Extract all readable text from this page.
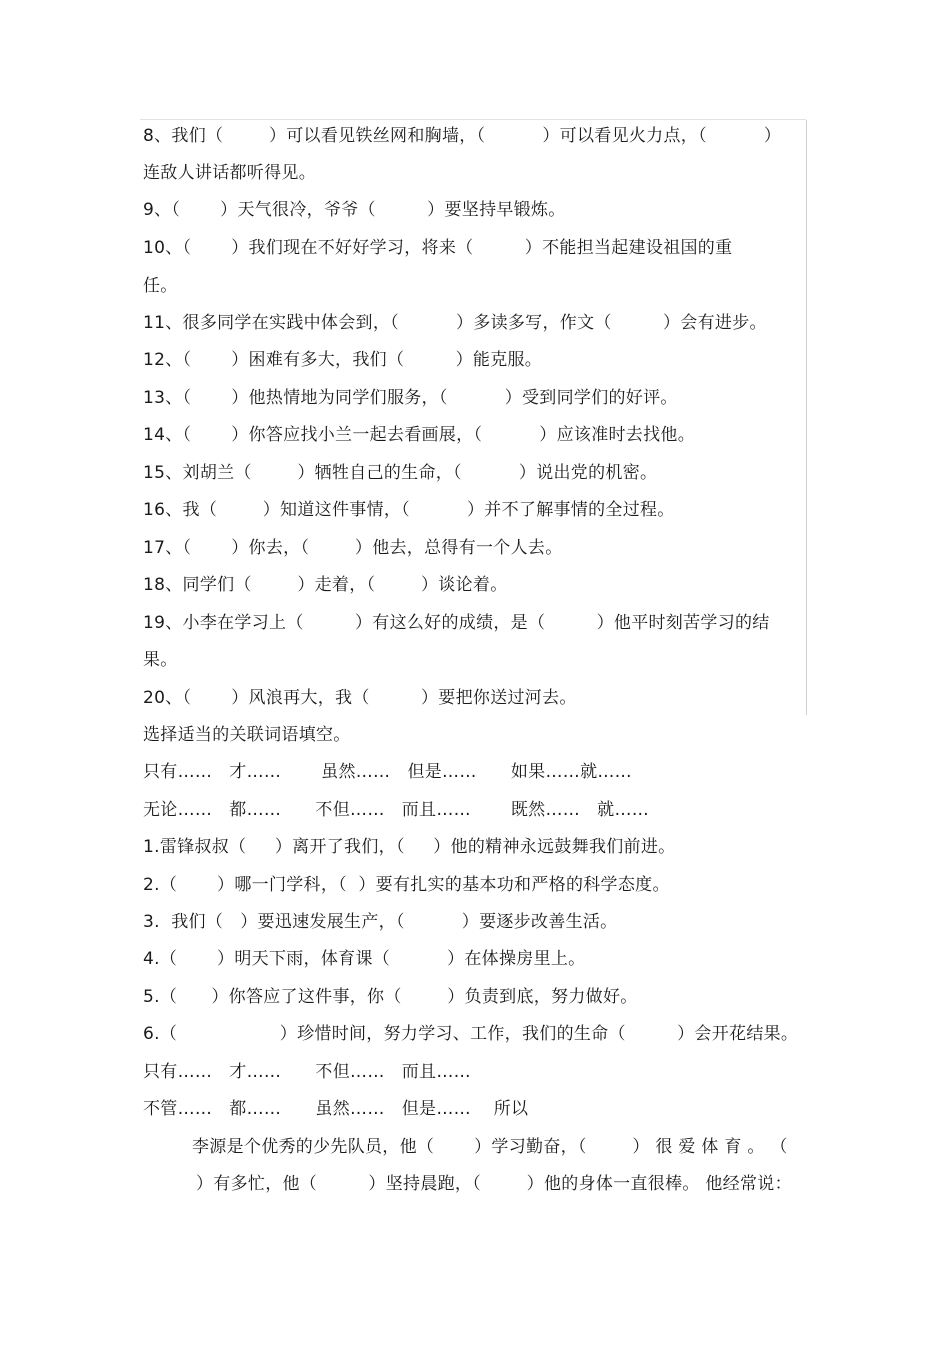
8、我们（        ）可以看见铁丝网和胸墙，（          ）可以看见火力点，（          ）
连敌人讲话都听得见。
9、（       ）天气很冷，爷爷（         ）要坚持早锻炼。
10、（       ）我们现在不好好学习，将来（         ）不能担当起建设祖国的重
任。
11、很多同学在实践中体会到，（          ）多读多写，作文（         ）会有进步。
12、（       ）困难有多大，我们（         ）能克服。
13、（       ）他热情地为同学们服务，（          ）受到同学们的好评。
14、（       ）你答应找小兰一起去看画展，（          ）应该准时去找他。
15、刘胡兰（        ）牺牲自己的生命，（          ）说出党的机密。
16、我（        ）知道这件事情，（          ）并不了解事情的全过程。
17、（       ）你去，（        ）他去，总得有一个人去。
18、同学们（        ）走着，（        ）谈论着。
19、小李在学习上（         ）有这么好的成绩，是（         ）他平时刻苦学习的结
果。
20、（       ）风浪再大，我（         ）要把你送过河去。
选择适当的关联词语填空。
只有……   才……       虽然……   但是……      如果……就……
无论……   都……      不但……   而且……       既然……   就……
1.雷锋叔叔（     ）离开了我们，（     ）他的精神永远鼓舞我们前进。
2.（       ）哪一门学科，（  ）要有扎实的基本功和严格的科学态度。
3.  我们（   ）要迅速发展生产，（          ）要逐步改善生活。
4.（       ）明天下雨，体育课（          ）在体操房里上。
5.（      ）你答应了这件事，你（        ）负责到底，努力做好。
6.（                  ）珍惜时间，努力学习、工作，我们的生命（         ）会开花结果。
只有……   才……      不但……   而且……
不管……   都……      虽然……   但是……    所以
李源是个优秀的少先队员，他（       ）学习勤奋，（        ） 很 爱 体 育 。 （
）有多忙，他（         ）坚持晨跑，（        ）他的身体一直很棒。 他经常说：
